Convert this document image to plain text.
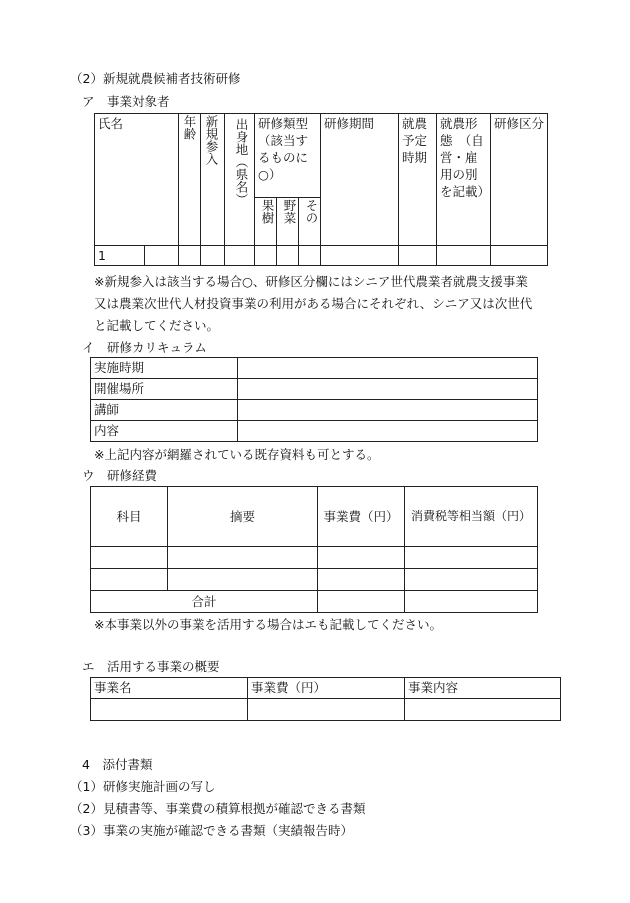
（2）新規就農候補者技術研修
ア　事業対象者
氏名		年齢	新規参入	出身地（県名）	研修類型（該当するものに○）			研修期間	就農予定時期	就農形態　（自営・雇用の別を記載）	研修区分

					果樹	野菜	その				

1											
※新規参入は該当する場合○、研修区分欄にはシニア世代農業者就農支援事業
又は農業次世代人材投資事業の利用がある場合にそれぞれ、シニア又は次世代
と記載してください。
イ　研修カリキュラム
実施時期	
開催場所	
講師	
内容	
※上記内容が網羅されている既存資料も可とする。
ウ　研修経費
科目	摘要	事業費（円）	消費税等相当額（円）

合計			
※本事業以外の事業を活用する場合はエも記載してください。
エ　活用する事業の概要
事業名	事業費（円）	事業内容

4　添付書類
（1）研修実施計画の写し
（2）見積書等、事業費の積算根拠が確認できる書類
（3）事業の実施が確認できる書類（実績報告時）
